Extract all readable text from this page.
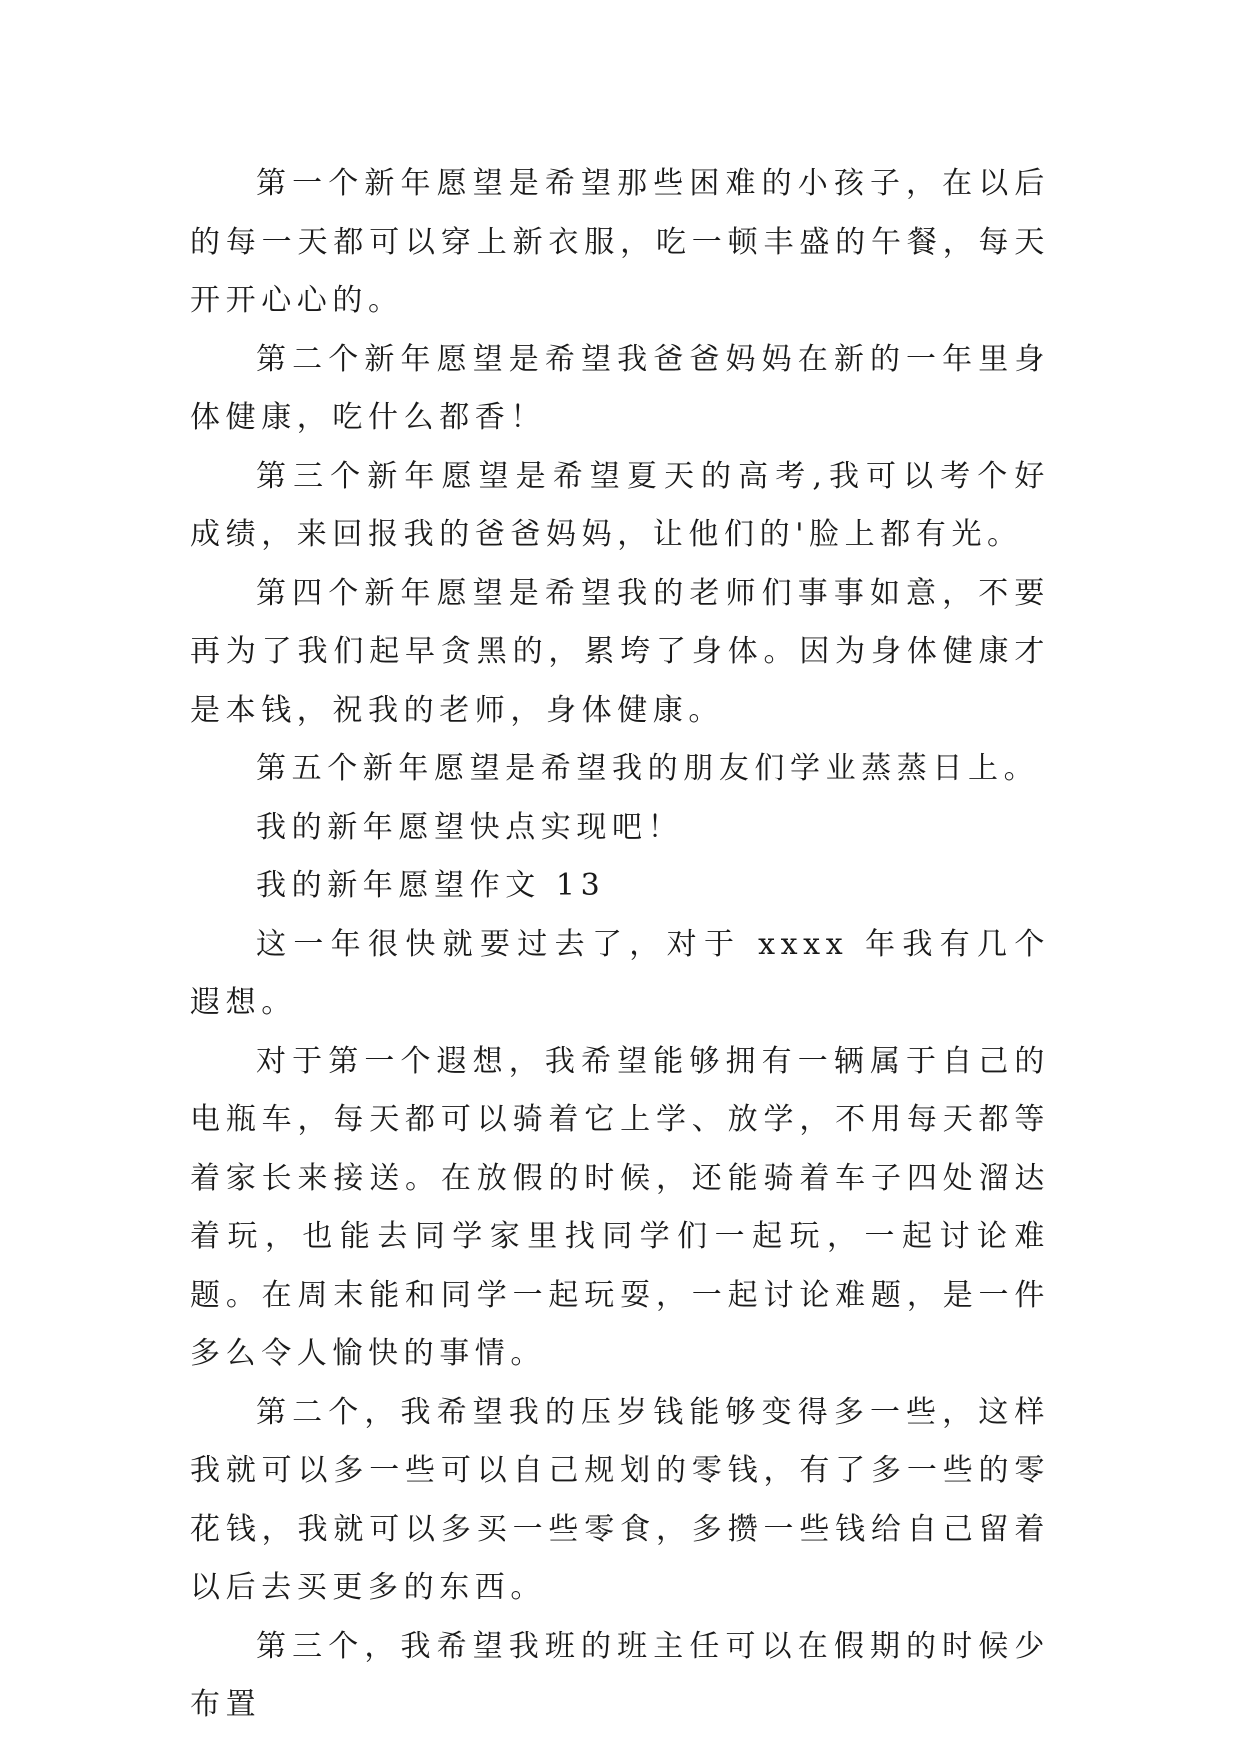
第一个新年愿望是希望那些困难的小孩子，在以后的每一天都可以穿上新衣服，吃一顿丰盛的午餐，每天开开心心的。

第二个新年愿望是希望我爸爸妈妈在新的一年里身体健康，吃什么都香！

第三个新年愿望是希望夏天的高考,我可以考个好成绩，来回报我的爸爸妈妈，让他们的'脸上都有光。

第四个新年愿望是希望我的老师们事事如意，不要再为了我们起早贪黑的，累垮了身体。因为身体健康才是本钱，祝我的老师，身体健康。

第五个新年愿望是希望我的朋友们学业蒸蒸日上。

我的新年愿望快点实现吧！

我的新年愿望作文 13

这一年很快就要过去了，对于 xxxx 年我有几个遐想。

对于第一个遐想，我希望能够拥有一辆属于自己的电瓶车，每天都可以骑着它上学、放学，不用每天都等着家长来接送。在放假的时候，还能骑着车子四处溜达着玩，也能去同学家里找同学们一起玩，一起讨论难题。在周末能和同学一起玩耍，一起讨论难题，是一件多么令人愉快的事情。

第二个，我希望我的压岁钱能够变得多一些，这样我就可以多一些可以自己规划的零钱，有了多一些的零花钱，我就可以多买一些零食，多攒一些钱给自己留着以后去买更多的东西。

第三个，我希望我班的班主任可以在假期的时候少布置
